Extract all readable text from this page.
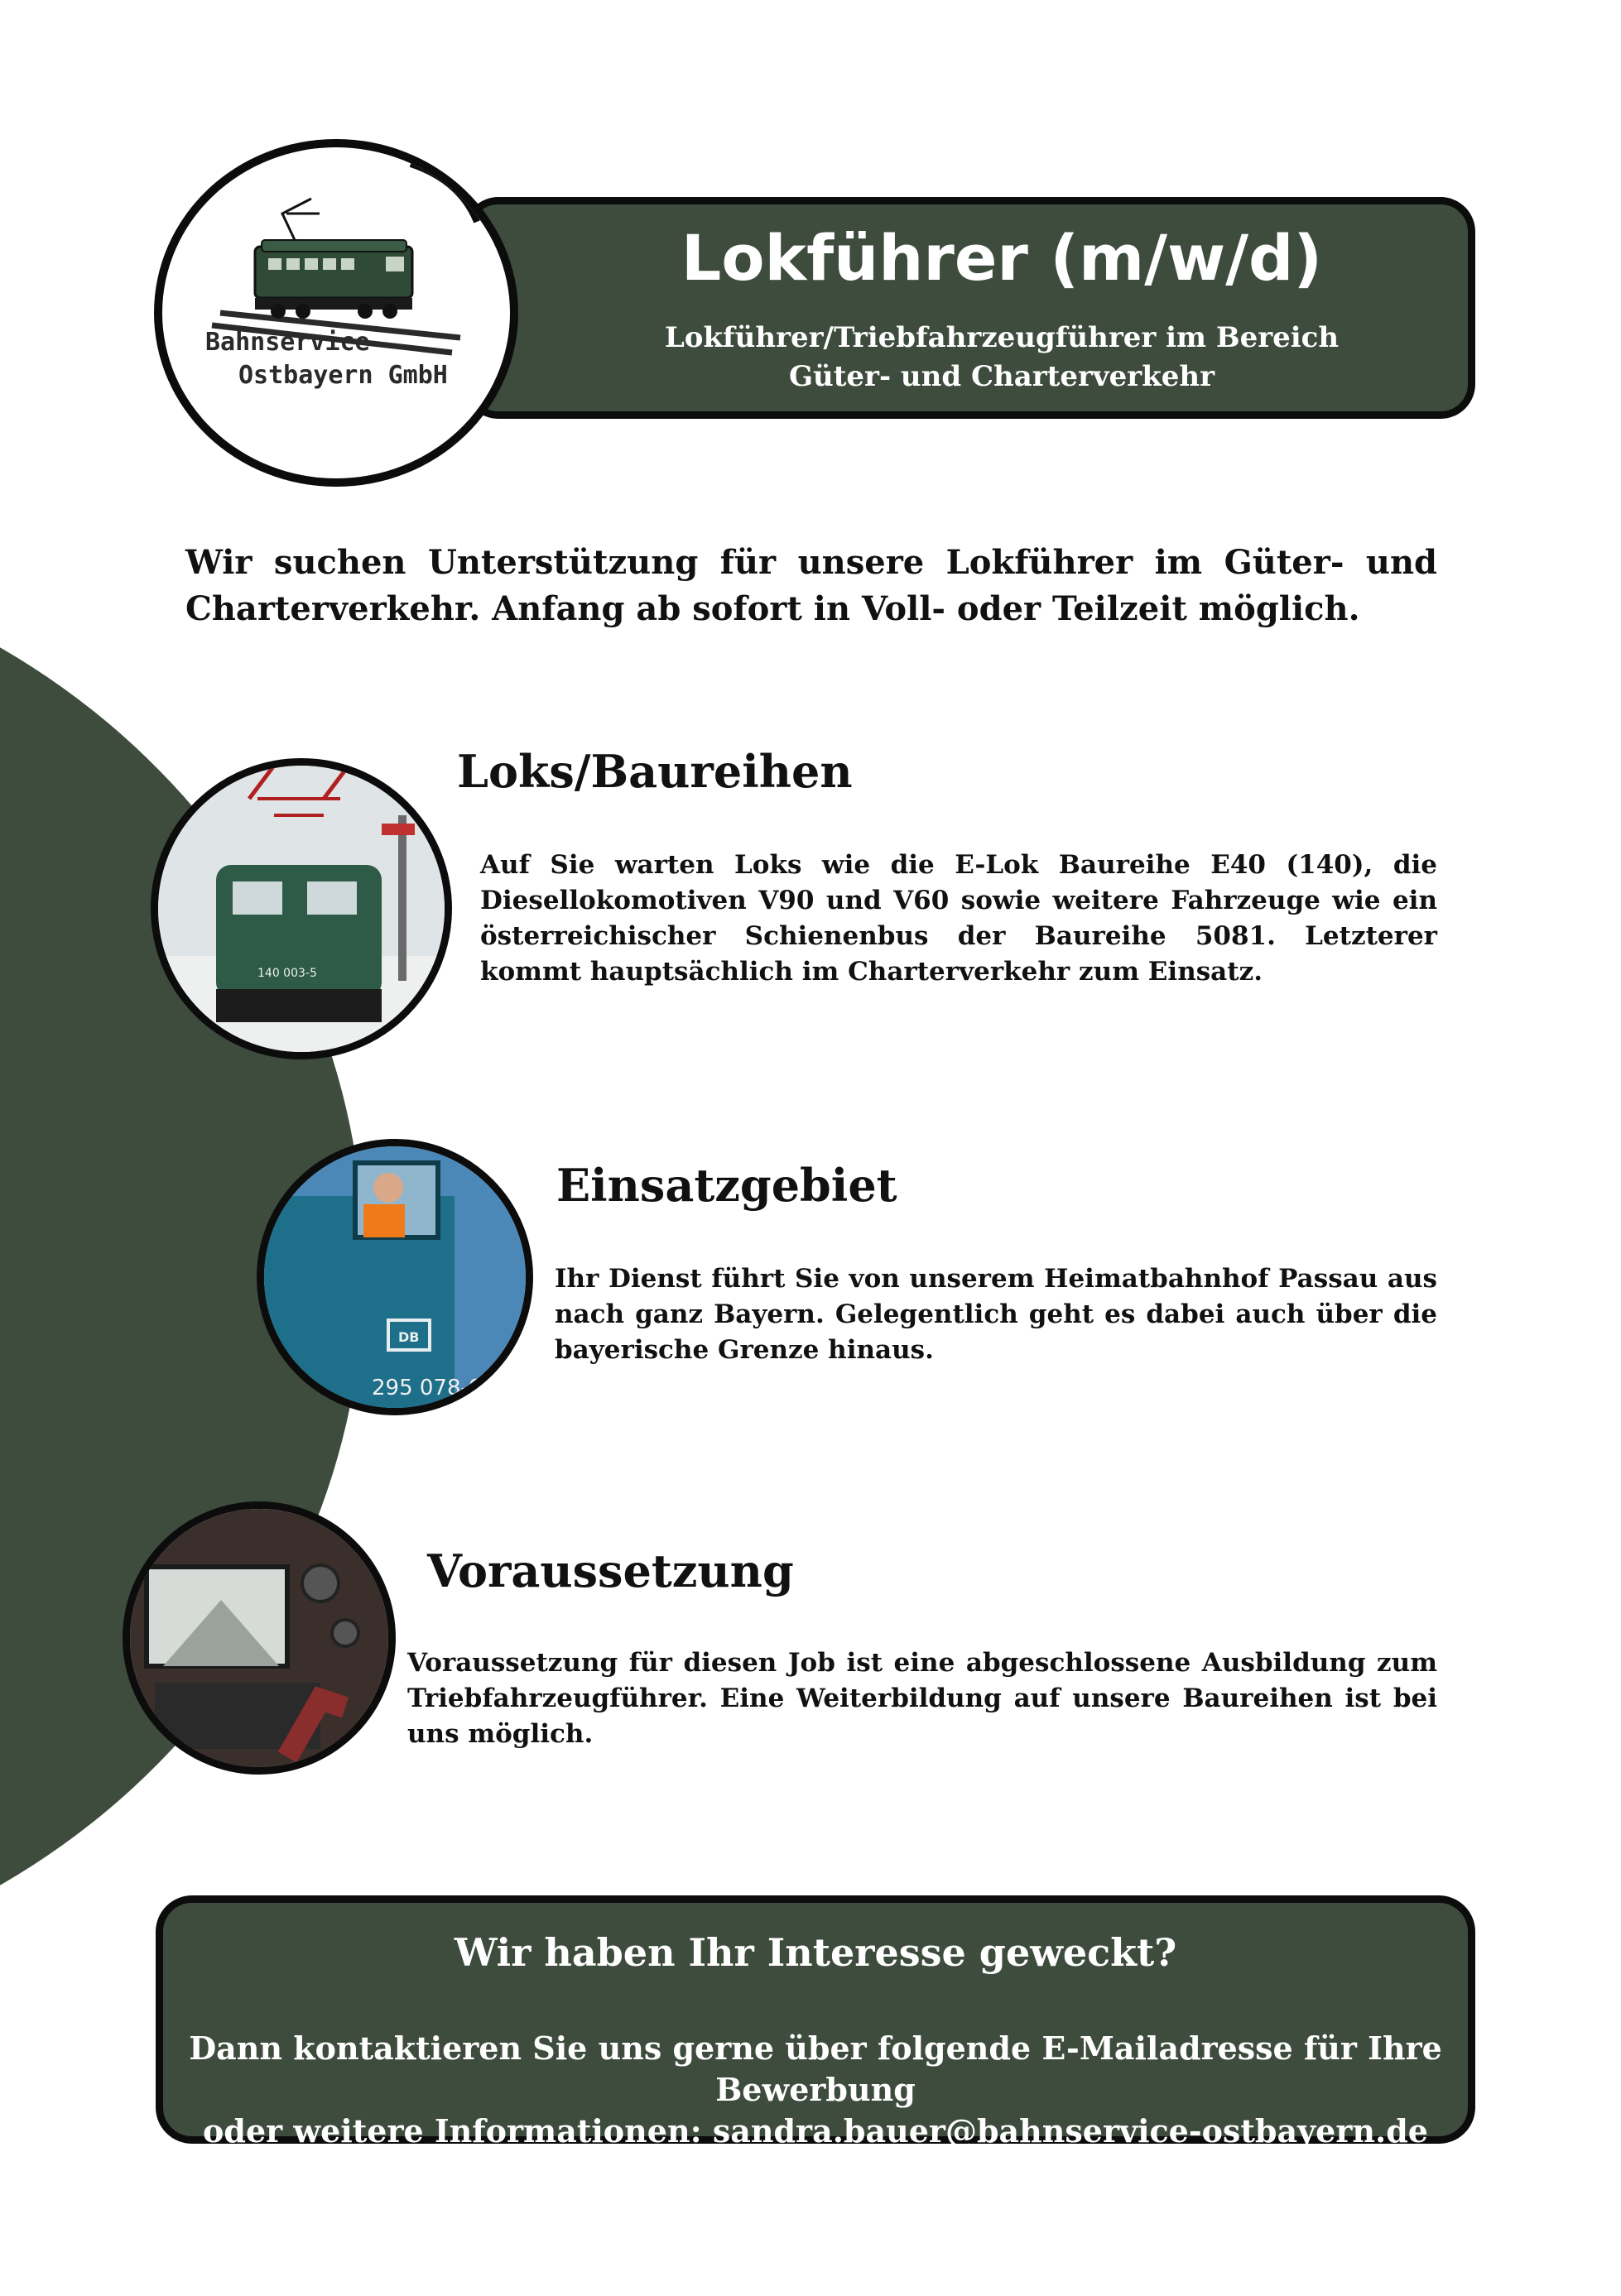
Lokführer (m/w/d)
Lokführer/Triebfahrzeugführer im Bereich
Güter- und Charterverkehr
Bahnservice
Ostbayern GmbH
Wir suchen Unterstützung für unsere Lokführer im Güter- und Charterverkehr. Anfang ab sofort in Voll- oder Teilzeit möglich.
140 003-5
Loks/Baureihen
Auf Sie warten Loks wie die E-Lok Baureihe E40 (140), die Diesellokomotiven V90 und V60 sowie weitere Fahrzeuge wie ein österreichischer Schienenbus der Baureihe 5081. Letzterer kommt hauptsächlich im Charterverkehr zum Einsatz.
DB
295 078-0
Einsatzgebiet
Ihr Dienst führt Sie von unserem Heimatbahnhof Passau aus nach ganz Bayern. Gelegentlich geht es dabei auch über die bayerische Grenze hinaus.
Voraussetzung
Voraussetzung für diesen Job ist eine abgeschlossene Ausbildung zum Triebfahrzeugführer. Eine Weiterbildung auf unsere Baureihen ist bei uns möglich.
Wir haben Ihr Interesse geweckt?
Dann kontaktieren Sie uns gerne über folgende E-Mailadresse für Ihre Bewerbung
oder weitere Informationen: sandra.bauer@bahnservice-ostbayern.de
